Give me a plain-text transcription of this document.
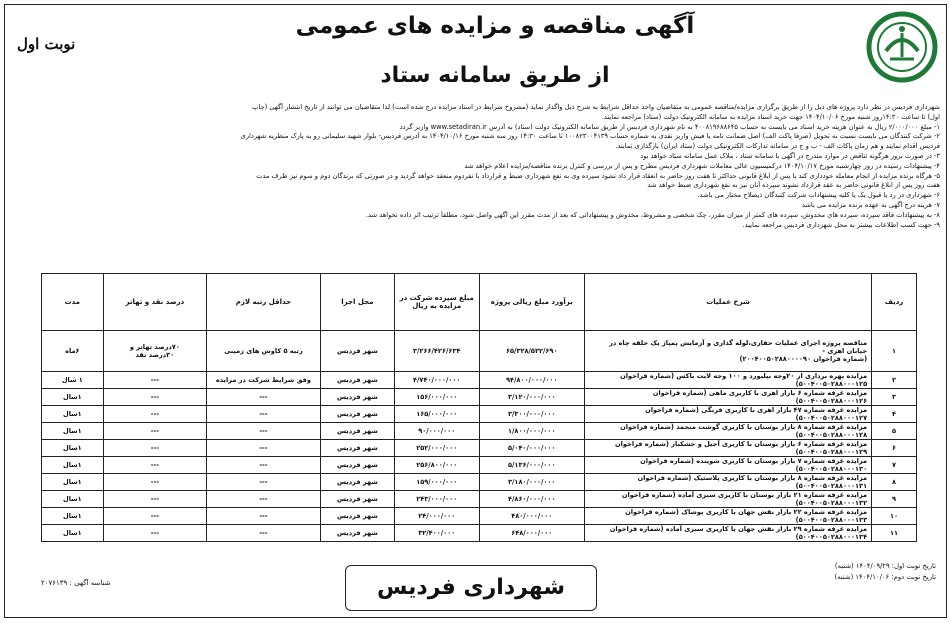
نوبت اول
آگهی مناقصه و مزایده های عمومی
از طریق سامانه ستاد
شهرداری فردیس در نظر دارد پروژه های ذیل را از طریق برگزاری مزایده/مناقصه عمومی به متقاضیان واجد حداقل شرایط به شرح ذیل واگذار نماید (مشروح شرایط در اسناد مزایده درج شده است) لذا متقاضیان می توانند از تاریخ انتشار آگهی (چاپ
اول) تا ساعت ۱۴:۳۰روز شنبه مورخ ۱۴۰۴/۱۰/۰۶ جهت خرید اسناد مزایده به سامانه الکترونیک دولت (ستاد) مراجعه نمایند.
۱- مبلغ ۲/۰۰۰/۰۰۰ ریال به عنوان هزینه خرید اسناد می بایست به حساب ۴۰۰۸۱۹۶۸۸۶۴۵ به نام شهرداری فردیس از طریق سامانه الکترونیک دولت (ستاد) به آدرس www.setadiran.ir واریز گردد
۲- شرکت کنندگان می بایست نسبت به تحویل (صرفا پاکت الف) اصل ضمانت نامه یا فیش واریز نقدی به شماره حساب ۱۰۰۸۲۳۰۰۴۱۳۹ تا ساعت ۱۴:۳۰ روز سه شنبه مورخ ۱۴۰۴/۱۰/۱۶ به آدرس فردیس- بلوار شهید سلیمانی رو به پارک منظریه شهرداری
فردیس اقدام نمایند و هم زمان پاکات الف - ب و ج در سامانه تدارکات الکترونیکی دولت (ستاد ایران) بارگذاری نمایند.
۳- در صورت بروز هرگونه تناقض در موارد مندرج در آگهی با سامانه ستاد ، ملاک عمل سامانه ستاد خواهد بود
۴- پیشنهادات رسیده در روز چهارشنبه مورخ ۱۴۰۴/۱۰/۱۷ درکمیسیون عالی معاملات شهرداری فردیس مطرح و پس از بررسی و کنترل برنده مناقصه/مزایده اعلام خواهد شد
۵- هرگاه برنده مزایده از انجام معامله خودداری کند یا پس از ابلاغ قانونی حداکثر تا هفت روز حاضر به انعقاد قرار داد نشود سپرده وی به نفع شهرداری ضبط و قرارداد با نفردوم منعقد خواهد گردید و در صورتی که برندگان دوم و سوم نیز ظرف مدت
هفت روز پس از ابلاغ قانونی حاضر به عقد قرارداد نشوند سپرده آنان نیز به نفع شهرداری ضبط خواهد شد
۶- شهرداری در رد یا قبول یک یا کلیه پیشنهادات شرکت کنندگان ذیصلاح مختار می باشد.
۷- هزینه درج آگهی به عهده برنده مزایده می باشد
۸- به پیشنهادات فاقد سپرده، سپرده های مخدوش، سپرده های کمتر از میزان مقرر، چک شخصی و مشروط، مخدوش و پیشنهاداتی که بعد از مدت مقرر این آگهی واصل شود، مطلقاً ترتیب اثر داده نخواهد شد.
۹- جهت کسب اطلاعات بیشتر به محل شهرداری فردیس مراجعه نمایید.
ردیف	شرح عملیات	برآورد مبلغ ریالی پروژه	مبلغ سپرده شرکت در مزایده به ریال	محل اجرا	حداقل رتبه لازم	درصد نقد و تهاتر	مدت
۱	مناقصه پروژه اجرای عملیات حفاری،لوله گذاری و آزمایش پمپاژ یک حلقه چاه در خیابان اهری -
(شماره فراخوان ۲۰۰۴۰۰۵۰۲۸۸۰۰۰۰۹۰)	۶۵/۳۲۸/۵۳۲/۶۹۰	۳/۲۶۶/۴۲۶/۶۳۴	شهر فردیس	رتبه ۵ کاوش های زمینی	۷۰درصد تهاتر و
۳۰درصد نقد	۶ماه
۲	مزایده بهره برداری از ۲۰وجه بیلبورد و ۱۰۰ وجه لایت باکس (شماره فراخوان ۵۰۰۴۰۰۵۰۲۸۸۰۰۰۱۲۵)	۹۴/۸۰۰/۰۰۰/۰۰۰	۴/۷۴۰/۰۰۰/۰۰۰	شهر فردیس	وفق شرایط شرکت در مزایده	---	۱ سال
۳	مزایده غرفه شماره ۶ بازار اهری با کاربری ماهی (شماره فراخوان ۵۰۰۴۰۰۵۰۲۸۸۰۰۰۱۲۶)	۳/۱۲۰/۰۰۰/۰۰۰	۱۵۶/۰۰۰/۰۰۰	شهر فردیس	---	---	۱سال
۴	مزایده غرفه شماره ۴۷ بازار اهری با کاربری فرنگی (شماره فراخوان ۵۰۰۴۰۰۵۰۲۸۸۰۰۰۱۲۷)	۳/۳۰۰/۰۰۰/۰۰۰	۱۶۵/۰۰۰/۰۰۰	شهر فردیس	---	---	۱سال
۵	مزایده غرفه شماره ۸ بازار بوستان با کاربری گوشت منجمد (شماره فراخوان ۵۰۰۴۰۰۵۰۲۸۸۰۰۰۱۲۸)	۱/۸۰۰/۰۰۰/۰۰۰	۹۰/۰۰۰/۰۰۰	شهر فردیس	---	---	۱سال
۶	مزایده غرفه شماره ۶ بازار بوستان با کاربری آجیل و خشکبار (شماره فراخوان ۵۰۰۴۰۰۵۰۲۸۸۰۰۰۱۲۹)	۵/۰۴۰/۰۰۰/۰۰۰	۲۵۲/۰۰۰/۰۰۰	شهر فردیس	---	---	۱سال
۷	مزایده غرفه شماره ۷ بازار بوستان با کاربری شوینده (شماره فراخوان ۵۰۰۴۰۰۵۰۲۸۸۰۰۰۱۳۰)	۵/۱۳۶/۰۰۰/۰۰۰	۲۵۶/۸۰۰/۰۰۰	شهر فردیس	---	---	۱سال
۸	مزایده غرفه شماره ۸ بازار بوستان با کاربری پلاستیک (شماره فراخوان ۵۰۰۴۰۰۵۰۲۸۸۰۰۰۱۳۱)	۳/۱۸۰/۰۰۰/۰۰۰	۱۵۹/۰۰۰/۰۰۰	شهر فردیس	---	---	۱سال
۹	مزایده غرفه شماره ۲۱ بازار بوستان با کاربری سبزی آماده (شماره فراخوان ۵۰۰۴۰۰۵۰۲۸۸۰۰۰۱۳۲)	۴/۸۶۰/۰۰۰/۰۰۰	۲۴۳/۰۰۰/۰۰۰	شهر فردیس	---	---	۱سال
۱۰	مزایده غرفه شماره ۲۲ بازار نقش جهان با کاربری پوشاک (شماره فراخوان ۵۰۰۴۰۰۵۰۲۸۸۰۰۰۱۳۳)	۴۸۰/۰۰۰/۰۰۰	۲۴/۰۰۰/۰۰۰	شهر فردیس	---	---	۱سال
۱۱	مزایده غرفه شماره ۲۹ بازار نقش جهان با کاربری سبزی آماده (شماره فراخوان ۵۰۰۴۰۰۵۰۲۸۸۰۰۰۱۳۴)	۶۴۸/۰۰۰/۰۰۰	۳۲/۴۰۰/۰۰۰	شهر فردیس	---	---	۱سال
تاریخ نوبت اول: ۱۴۰۴/۰۹/۲۹ (شنبه)
تاریخ نوبت دوم: ۱۴۰۴/۱۰/۰۶ (شنبه)
شهرداری فردیس
شناسه آگهی : ۲۰۷۶۱۳۹
